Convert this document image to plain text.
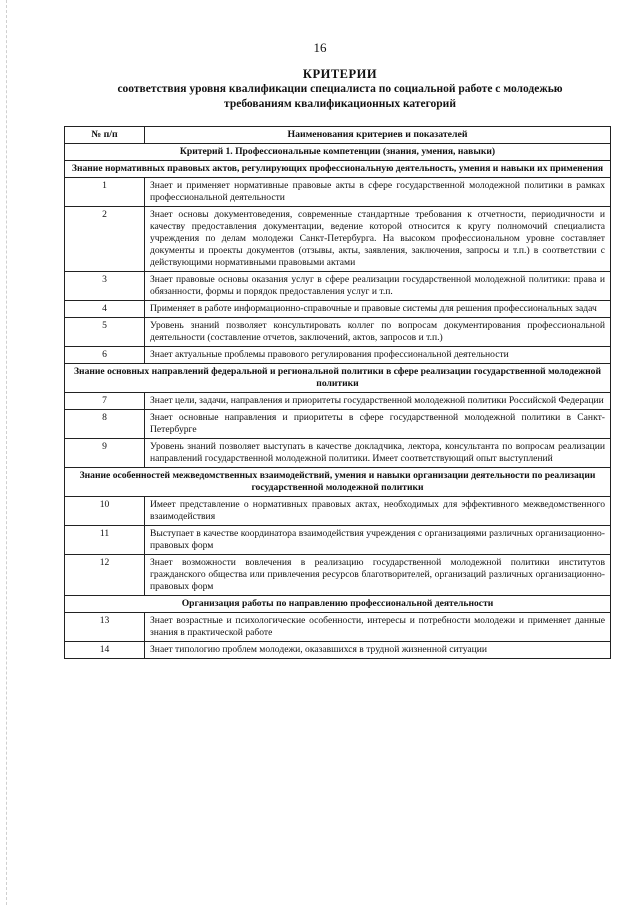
16
КРИТЕРИИ
соответствия уровня квалификации специалиста по социальной работе с молодежью
требованиям квалификационных категорий
№ п/п	Наименования критериев и показателей
Критерий 1. Профессиональные компетенции (знания, умения, навыки)	
Знание нормативных правовых актов, регулирующих профессиональную деятельность, умения и навыки их применения	
1	Знает и применяет нормативные правовые акты в сфере государственной молодежной политики в рамках профессиональной деятельности
2	Знает основы документоведения, современные стандартные требования к отчетности, периодичности и качеству предоставления документации, ведение которой относится к кругу полномочий специалиста учреждения по делам молодежи Санкт-Петербурга. На высоком профессиональном уровне составляет документы и проекты документов (отзывы, акты, заявления, заключения, запросы и т.п.) в соответствии с действующими нормативными правовыми актами
3	Знает правовые основы оказания услуг в сфере реализации государственной молодежной политики: права и обязанности, формы и порядок предоставления услуг и т.п.
4	Применяет в работе информационно-справочные и правовые системы для решения профессиональных задач
5	Уровень знаний позволяет консультировать коллег по вопросам документирования профессиональной деятельности (составление отчетов, заключений, актов, запросов и т.п.)
6	Знает актуальные проблемы правового регулирования профессиональной деятельности
Знание основных направлений федеральной и региональной политики в сфере реализации государственной молодежной политики	
7	Знает цели, задачи, направления и приоритеты государственной молодежной политики Российской Федерации
8	Знает основные направления и приоритеты в сфере государственной молодежной политики в Санкт-Петербурге
9	Уровень знаний позволяет выступать в качестве докладчика, лектора, консультанта по вопросам реализации направлений государственной молодежной политики. Имеет соответствующий опыт выступлений
Знание особенностей межведомственных взаимодействий, умения и навыки организации деятельности по реализации государственной молодежной политики	
10	Имеет представление о нормативных правовых актах, необходимых для эффективного межведомственного взаимодействия
11	Выступает в качестве координатора взаимодействия учреждения с организациями различных организационно-правовых форм
12	Знает возможности вовлечения в реализацию государственной молодежной политики институтов гражданского общества или привлечения ресурсов благотворителей, организаций различных организационно-правовых форм
Организация работы по направлению профессиональной деятельности	
13	Знает возрастные и психологические особенности, интересы и потребности молодежи и применяет данные знания в практической работе
14	Знает типологию проблем молодежи, оказавшихся в трудной жизненной ситуации
